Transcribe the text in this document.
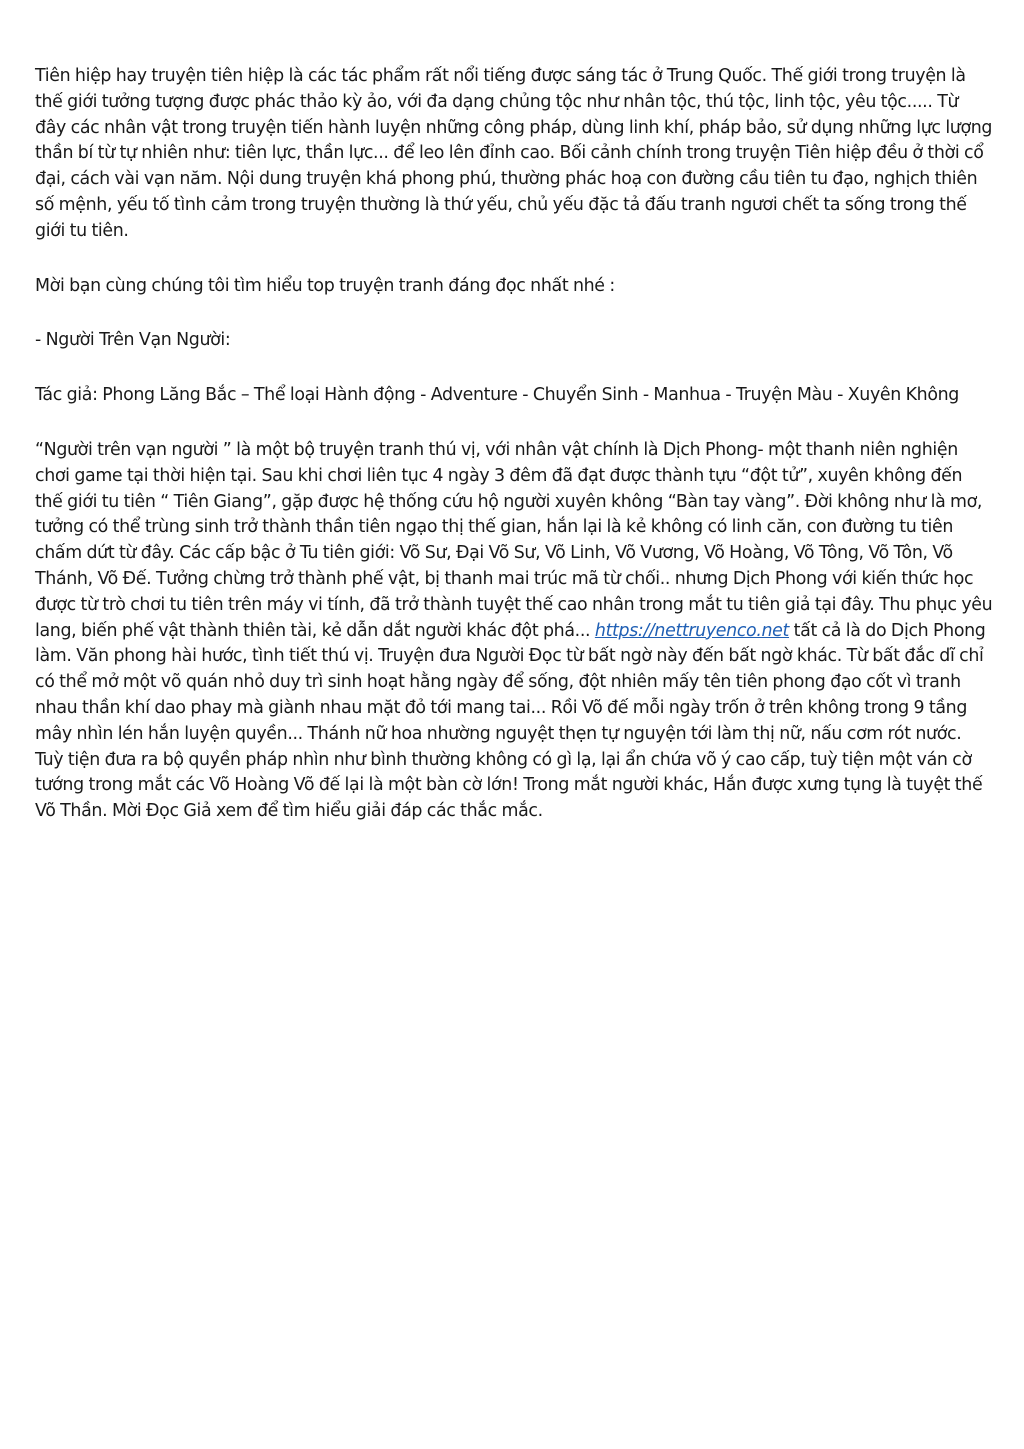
Tiên hiệp hay truyện tiên hiệp là các tác phẩm rất nổi tiếng được sáng tác ở Trung Quốc. Thế giới trong truyện là thế giới tưởng tượng được phác thảo kỳ ảo, với đa dạng chủng tộc như nhân tộc, thú tộc, linh tộc, yêu tộc..... Từ đây các nhân vật trong truyện tiến hành luyện những công pháp, dùng linh khí, pháp bảo, sử dụng những lực lượng thần bí từ tự nhiên như: tiên lực, thần lực... để leo lên đỉnh cao. Bối cảnh chính trong truyện Tiên hiệp đều ở thời cổ đại, cách vài vạn năm. Nội dung truyện khá phong phú, thường phác hoạ con đường cầu tiên tu đạo, nghịch thiên số mệnh, yếu tố tình cảm trong truyện thường là thứ yếu, chủ yếu đặc tả đấu tranh ngươi chết ta sống trong thế giới tu tiên.

Mời bạn cùng chúng tôi tìm hiểu top truyện tranh đáng đọc nhất nhé :

- Người Trên Vạn Người:

Tác giả: Phong Lăng Bắc – Thể loại Hành động - Adventure - Chuyển Sinh - Manhua - Truyện Màu - Xuyên Không

“Người trên vạn người ” là một bộ truyện tranh thú vị, với nhân vật chính là Dịch Phong- một thanh niên nghiện chơi game tại thời hiện tại. Sau khi chơi liên tục 4 ngày 3 đêm đã đạt được thành tựu “đột tử”, xuyên không đến thế giới tu tiên “ Tiên Giang”, gặp được hệ thống cứu hộ người xuyên không “Bàn tay vàng”. Đời không như là mơ, tưởng có thể trùng sinh trở thành thần tiên ngạo thị thế gian, hắn lại là kẻ không có linh căn, con đường tu tiên chấm dứt từ đây. Các cấp bậc ở Tu tiên giới: Võ Sư, Đại Võ Sư, Võ Linh, Võ Vương, Võ Hoàng, Võ Tông, Võ Tôn, Võ Thánh, Võ Đế. Tưởng chừng trở thành phế vật, bị thanh mai trúc mã từ chối.. nhưng Dịch Phong với kiến thức học được từ trò chơi tu tiên trên máy vi tính, đã trở thành tuyệt thế cao nhân trong mắt tu tiên giả tại đây. Thu phục yêu lang, biến phế vật thành thiên tài, kẻ dẫn dắt người khác đột phá... https://nettruyenco.net tất cả là do Dịch Phong làm. Văn phong hài hước, tình tiết thú vị. Truyện đưa Người Đọc từ bất ngờ này đến bất ngờ khác. Từ bất đắc dĩ chỉ có thể mở một võ quán nhỏ duy trì sinh hoạt hằng ngày để sống, đột nhiên mấy tên tiên phong đạo cốt vì tranh nhau thần khí dao phay mà giành nhau mặt đỏ tới mang tai... Rồi Võ đế mỗi ngày trốn ở trên không trong 9 tầng mây nhìn lén hắn luyện quyền... Thánh nữ hoa nhường nguyệt thẹn tự nguyện tới làm thị nữ, nấu cơm rót nước. Tuỳ tiện đưa ra bộ quyền pháp nhìn như bình thường không có gì lạ, lại ẩn chứa võ ý cao cấp, tuỳ tiện một ván cờ tướng trong mắt các Võ Hoàng Võ đế lại là một bàn cờ lớn! Trong mắt người khác, Hắn được xưng tụng là tuyệt thế Võ Thần. Mời Đọc Giả xem để tìm hiểu giải đáp các thắc mắc.
